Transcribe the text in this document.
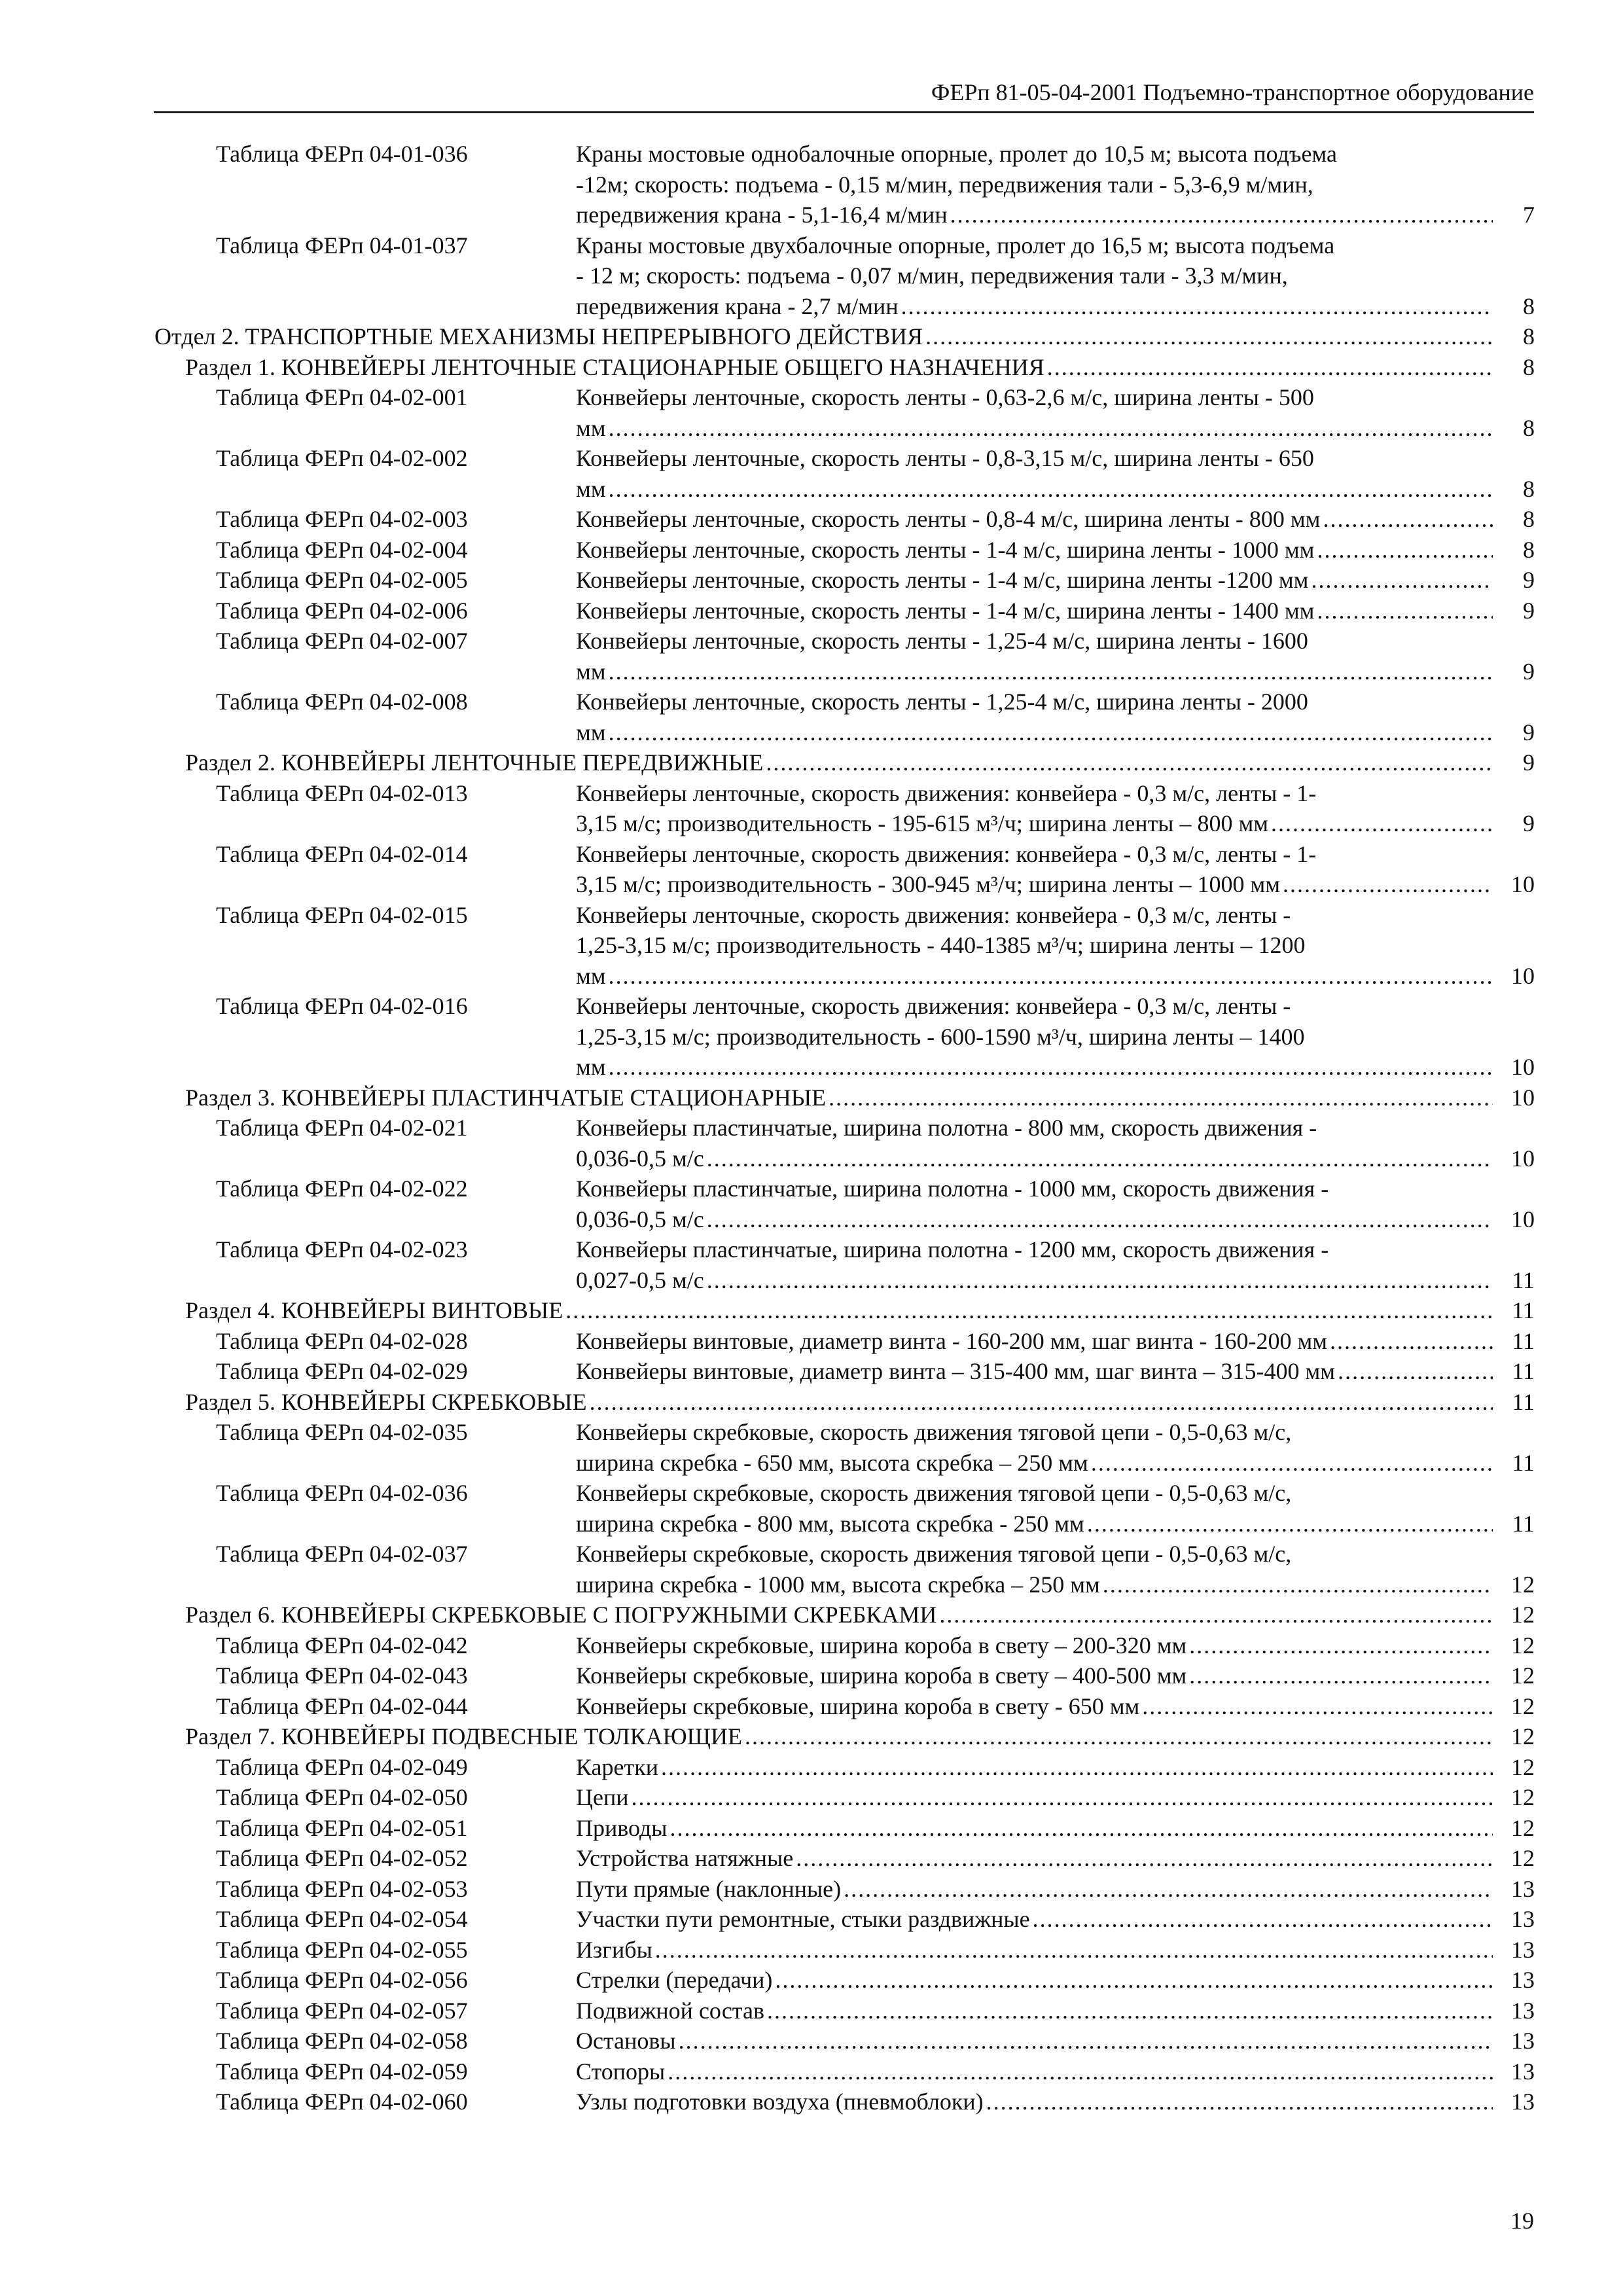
ФЕРп 81-05-04-2001 Подъемно-транспортное оборудование
Таблица ФЕРп 04-01-036	Краны мостовые однобалочные опорные, пролет до 10,5 м; высота подъема
-12м; скорость: подъема - 0,15 м/мин, передвижения тали - 5,3-6,9 м/мин,
передвижения крана - 5,1-16,4 м/мин .....	7
Таблица ФЕРп 04-01-037	Краны мостовые двухбалочные опорные, пролет до 16,5 м; высота подъема
- 12 м; скорость: подъема - 0,07 м/мин, передвижения тали - 3,3 м/мин,
передвижения крана - 2,7 м/мин .....	8
Отдел 2. ТРАНСПОРТНЫЕ МЕХАНИЗМЫ НЕПРЕРЫВНОГО ДЕЙСТВИЯ .....	8
Раздел 1. КОНВЕЙЕРЫ ЛЕНТОЧНЫЕ СТАЦИОНАРНЫЕ ОБЩЕГО НАЗНАЧЕНИЯ .....	8
Таблица ФЕРп 04-02-001	Конвейеры ленточные, скорость ленты - 0,63-2,6 м/с, ширина ленты - 500
мм .....	8
Таблица ФЕРп 04-02-002	Конвейеры ленточные, скорость ленты - 0,8-3,15 м/с, ширина ленты - 650
мм .....	8
Таблица ФЕРп 04-02-003	Конвейеры ленточные, скорость ленты - 0,8-4 м/с, ширина ленты - 800 мм .....	8
Таблица ФЕРп 04-02-004	Конвейеры ленточные, скорость ленты - 1-4 м/с, ширина ленты - 1000 мм .....	8
Таблица ФЕРп 04-02-005	Конвейеры ленточные, скорость ленты - 1-4 м/с, ширина ленты -1200 мм .....	9
Таблица ФЕРп 04-02-006	Конвейеры ленточные, скорость ленты - 1-4 м/с, ширина ленты - 1400 мм .....	9
Таблица ФЕРп 04-02-007	Конвейеры ленточные, скорость ленты - 1,25-4 м/с, ширина ленты - 1600
мм .....	9
Таблица ФЕРп 04-02-008	Конвейеры ленточные, скорость ленты - 1,25-4 м/с, ширина ленты - 2000
мм .....	9
Раздел 2. КОНВЕЙЕРЫ ЛЕНТОЧНЫЕ ПЕРЕДВИЖНЫЕ .....	9
Таблица ФЕРп 04-02-013	Конвейеры ленточные, скорость движения: конвейера - 0,3 м/с, ленты - 1-
3,15 м/с; производительность - 195-615 м³/ч; ширина ленты – 800 мм .....	9
Таблица ФЕРп 04-02-014	Конвейеры ленточные, скорость движения: конвейера - 0,3 м/с, ленты - 1-
3,15 м/с; производительность - 300-945 м³/ч; ширина ленты – 1000 мм .....	10
Таблица ФЕРп 04-02-015	Конвейеры ленточные, скорость движения: конвейера - 0,3 м/с, ленты -
1,25-3,15 м/с; производительность - 440-1385 м³/ч; ширина ленты – 1200
мм .....	10
Таблица ФЕРп 04-02-016	Конвейеры ленточные, скорость движения: конвейера - 0,3 м/с, ленты -
1,25-3,15 м/с; производительность - 600-1590 м³/ч, ширина ленты – 1400
мм .....	10
Раздел 3. КОНВЕЙЕРЫ ПЛАСТИНЧАТЫЕ СТАЦИОНАРНЫЕ .....	10
Таблица ФЕРп 04-02-021	Конвейеры пластинчатые, ширина полотна - 800 мм, скорость движения -
0,036-0,5 м/с .....	10
Таблица ФЕРп 04-02-022	Конвейеры пластинчатые, ширина полотна - 1000 мм, скорость движения -
0,036-0,5 м/с .....	10
Таблица ФЕРп 04-02-023	Конвейеры пластинчатые, ширина полотна - 1200 мм, скорость движения -
0,027-0,5 м/с .....	11
Раздел 4. КОНВЕЙЕРЫ ВИНТОВЫЕ .....	11
Таблица ФЕРп 04-02-028	Конвейеры винтовые, диаметр винта - 160-200 мм, шаг винта - 160-200 мм .....	11
Таблица ФЕРп 04-02-029	Конвейеры винтовые, диаметр винта – 315-400 мм, шаг винта – 315-400 мм .....	11
Раздел 5. КОНВЕЙЕРЫ СКРЕБКОВЫЕ .....	11
Таблица ФЕРп 04-02-035	Конвейеры скребковые, скорость движения тяговой цепи - 0,5-0,63 м/с,
ширина скребка - 650 мм, высота скребка – 250 мм .....	11
Таблица ФЕРп 04-02-036	Конвейеры скребковые, скорость движения тяговой цепи - 0,5-0,63 м/с,
ширина скребка - 800 мм, высота скребка - 250 мм .....	11
Таблица ФЕРп 04-02-037	Конвейеры скребковые, скорость движения тяговой цепи - 0,5-0,63 м/с,
ширина скребка - 1000 мм, высота скребка – 250 мм .....	12
Раздел 6. КОНВЕЙЕРЫ СКРЕБКОВЫЕ С ПОГРУЖНЫМИ СКРЕБКАМИ .....	12
Таблица ФЕРп 04-02-042	Конвейеры скребковые, ширина короба в свету – 200-320 мм .....	12
Таблица ФЕРп 04-02-043	Конвейеры скребковые, ширина короба в свету – 400-500 мм .....	12
Таблица ФЕРп 04-02-044	Конвейеры скребковые, ширина короба в свету - 650 мм .....	12
Раздел 7. КОНВЕЙЕРЫ ПОДВЕСНЫЕ ТОЛКАЮЩИЕ .....	12
Таблица ФЕРп 04-02-049	Каретки .....	12
Таблица ФЕРп 04-02-050	Цепи .....	12
Таблица ФЕРп 04-02-051	Приводы .....	12
Таблица ФЕРп 04-02-052	Устройства натяжные .....	12
Таблица ФЕРп 04-02-053	Пути прямые (наклонные) .....	13
Таблица ФЕРп 04-02-054	Участки пути ремонтные, стыки раздвижные .....	13
Таблица ФЕРп 04-02-055	Изгибы .....	13
Таблица ФЕРп 04-02-056	Стрелки (передачи) .....	13
Таблица ФЕРп 04-02-057	Подвижной состав .....	13
Таблица ФЕРп 04-02-058	Остановы .....	13
Таблица ФЕРп 04-02-059	Стопоры .....	13
Таблица ФЕРп 04-02-060	Узлы подготовки воздуха (пневмоблоки) .....	13
19
